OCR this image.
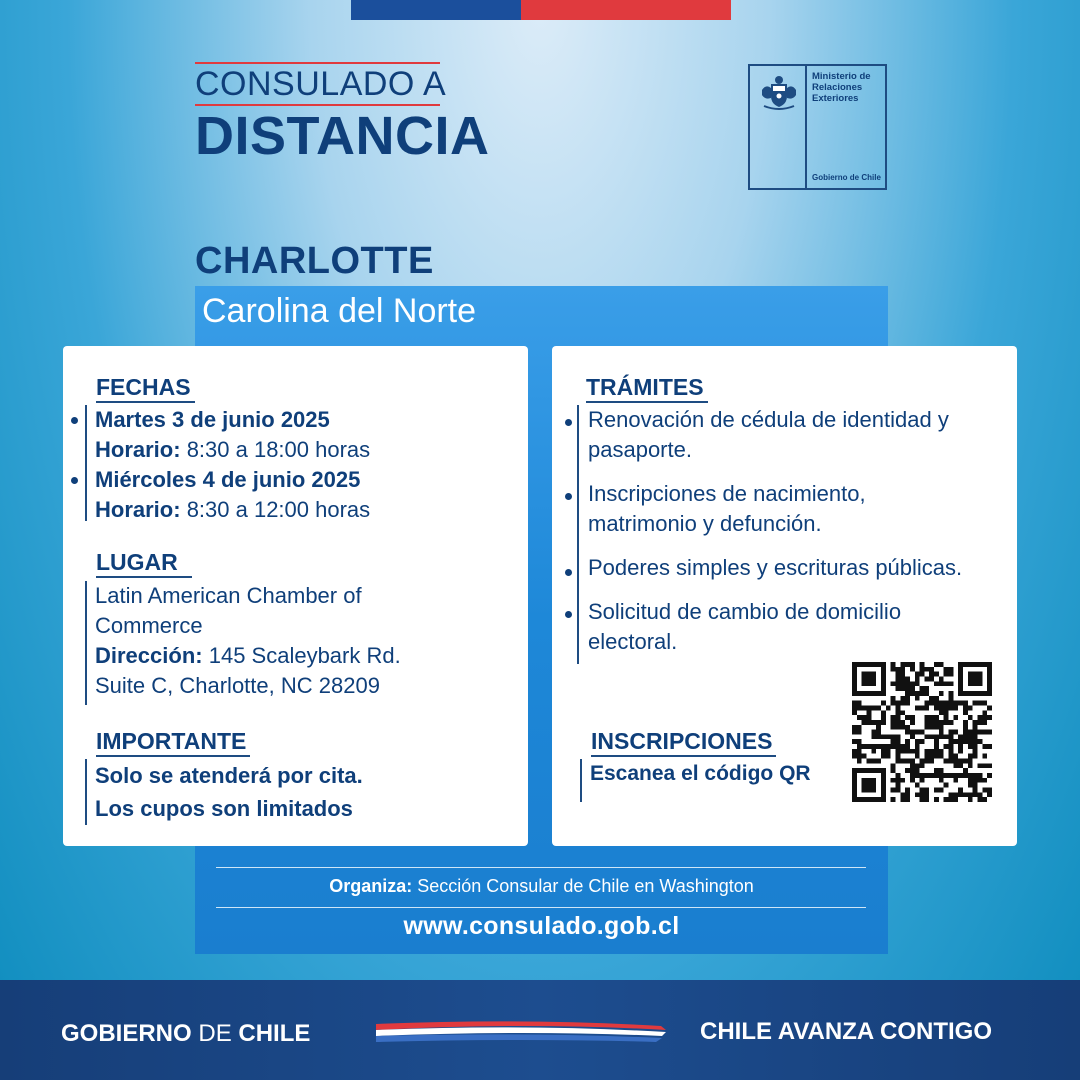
CONSULADO A
DISTANCIA
Ministerio de
Relaciones
Exteriores
Gobierno de Chile
CHARLOTTE
Carolina del Norte
FECHAS
Martes 3 de junio 2025
Horario: 8:30 a 18:00 horas
Miércoles 4 de junio 2025
Horario: 8:30 a 12:00 horas
LUGAR
Latin American Chamber of
Commerce
Dirección: 145 Scaleybark Rd.
Suite C, Charlotte, NC 28209
IMPORTANTE
Solo se atenderá por cita.
Los cupos son limitados
TRÁMITES
Renovación de cédula de identidad y
pasaporte.
Inscripciones de nacimiento,
matrimonio y defunción.
Poderes simples y escrituras públicas.
Solicitud de cambio de domicilio
electoral.
INSCRIPCIONES
Escanea el código QR
Organiza: Sección Consular de Chile en Washington
www.consulado.gob.cl
GOBIERNO DE CHILE	CHILE AVANZA CONTIGO
